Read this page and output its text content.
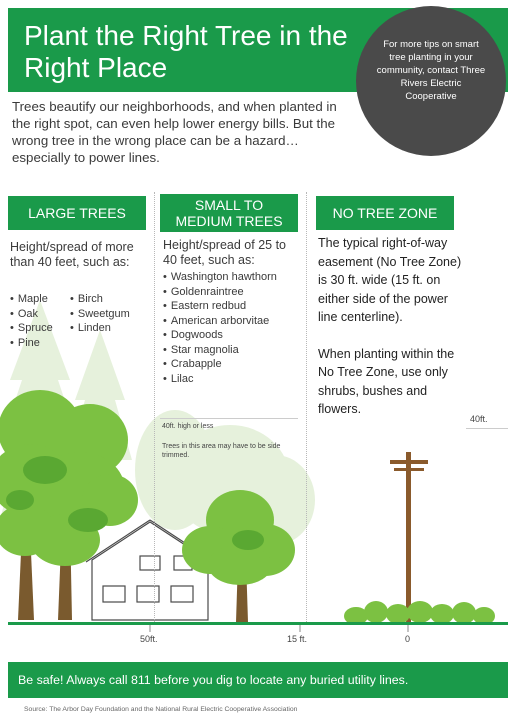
Plant the Right Tree in the Right Place
For more tips on smart tree planting in your community, contact Three Rivers Electric Cooperative
Trees beautify our neighborhoods, and when planted in the right spot, can even help lower energy bills. But the wrong tree in the wrong place can be a hazard… especially to power lines.
LARGE TREES
Height/spread of more than 40 feet, such as:
• Maple
• Oak
• Spruce
• Pine
• Birch
• Sweetgum
• Linden
SMALL TO MEDIUM TREES
Height/spread of 25 to 40 feet, such as:
• Washington hawthorn
• Goldenraintree
• Eastern redbud
• American arborvitae
• Dogwoods
• Star magnolia
• Crabapple
• Lilac
40ft. high or less
Trees in this area may have to be side trimmed.
NO TREE ZONE
The typical right-of-way easement (No Tree Zone) is 30 ft. wide (15 ft. on either side of the power line centerline).
When planting within the No Tree Zone, use only shrubs, bushes and flowers.
40ft.
50ft.	15 ft.	0
Be safe! Always call 811 before you dig to locate any buried utility lines.
Source: The Arbor Day Foundation and the National Rural Electric Cooperative Association
